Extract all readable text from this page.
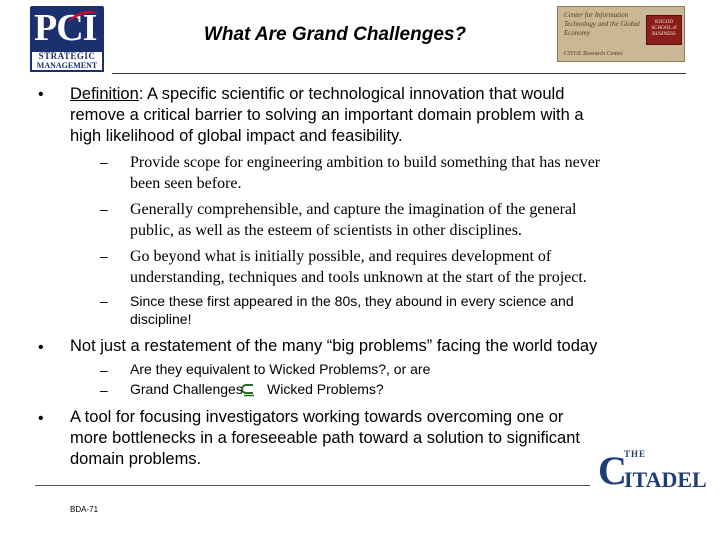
PCI
STRATEGIC
MANAGEMENT
What Are Grand Challenges?
Center for Information Technology and the Global Economy
CITGE Research Center
KOGOD SCHOOL of BUSINESS
• Definition: A specific scientific or technological innovation that would
remove a critical barrier to solving an important domain problem with a
high likelihood of global impact and feasibility.
– Provide scope for engineering ambition to build something that has never
been seen before.
– Generally comprehensible, and capture the imagination of the general
public, as well as the esteem of scientists in other disciplines.
– Go beyond what is initially possible, and requires development of
understanding, techniques and tools unknown at the start of the project.
– Since these first appeared in the 80s, they abound in every science and
discipline!
• Not just a restatement of the many “big problems” facing the world today
– Are they equivalent to Wicked Problems?, or are
– Grand Challenges Wicked Problems?
• A tool for focusing investigators working towards overcoming one or
more bottlenecks in a foreseeable path toward a solution to significant
domain problems.
BDA-71
C
THE
ITADEL
